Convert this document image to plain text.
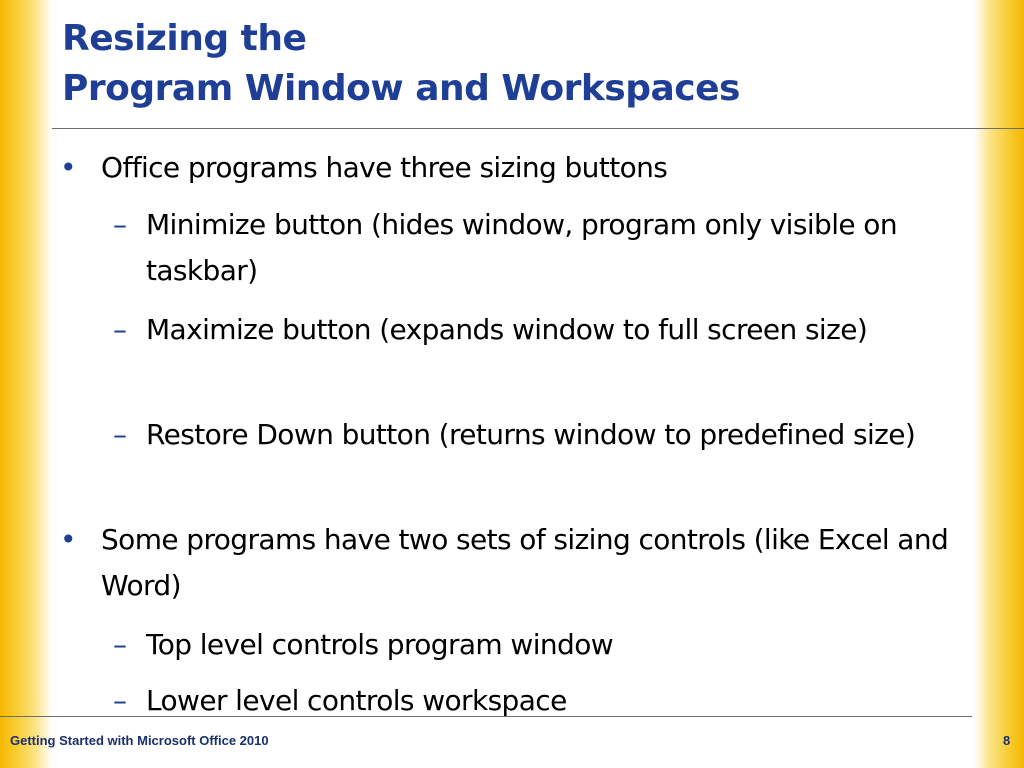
Resizing the
Program Window and Workspaces
• Office programs have three sizing buttons
– Minimize button (hides window, program only visible on taskbar)
– Maximize button (expands window to full screen size)
– Restore Down button (returns window to predefined size)
• Some programs have two sets of sizing controls (like Excel and Word)
– Top level controls program window
– Lower level controls workspace
Getting Started with Microsoft Office 2010	8
